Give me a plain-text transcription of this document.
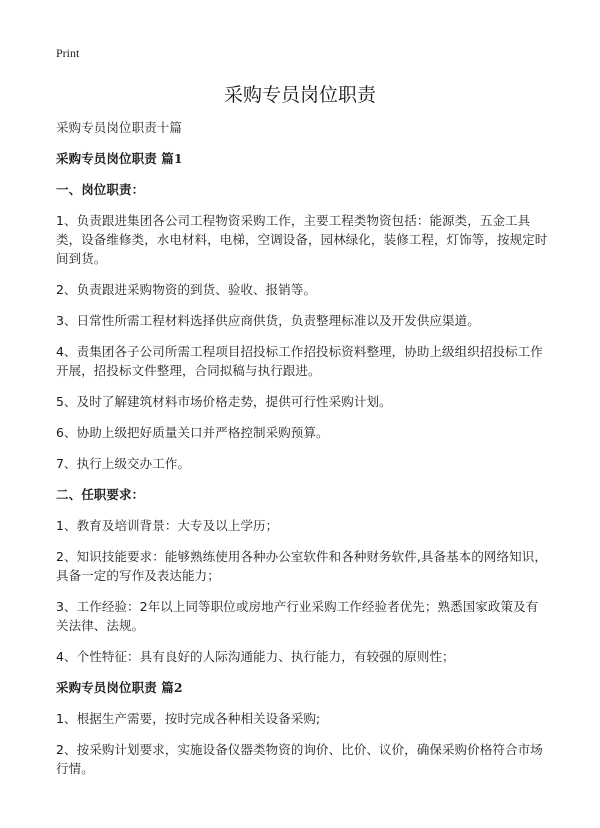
Print
采购专员岗位职责

采购专员岗位职责十篇

采购专员岗位职责 篇1

一、岗位职责：

1、负责跟进集团各公司工程物资采购工作，主要工程类物资包括：能源类，五金工具类，设备维修类，水电材料，电梯，空调设备，园林绿化，装修工程，灯饰等，按规定时间到货。

2、负责跟进采购物资的到货、验收、报销等。

3、日常性所需工程材料选择供应商供货，负责整理标准以及开发供应渠道。

4、责集团各子公司所需工程项目招投标工作招投标资料整理，协助上级组织招投标工作开展，招投标文件整理，合同拟稿与执行跟进。

5、及时了解建筑材料市场价格走势，提供可行性采购计划。

6、协助上级把好质量关口并严格控制采购预算。

7、执行上级交办工作。

二、任职要求：

1、教育及培训背景：大专及以上学历；

2、知识技能要求：能够熟练使用各种办公室软件和各种财务软件,具备基本的网络知识，具备一定的写作及表达能力；

3、工作经验：2年以上同等职位或房地产行业采购工作经验者优先；熟悉国家政策及有关法律、法规。

4、个性特征：具有良好的人际沟通能力、执行能力，有较强的原则性；

采购专员岗位职责 篇2

1、根据生产需要，按时完成各种相关设备采购;

2、按采购计划要求，实施设备仪器类物资的询价、比价、议价，确保采购价格符合市场行情。
